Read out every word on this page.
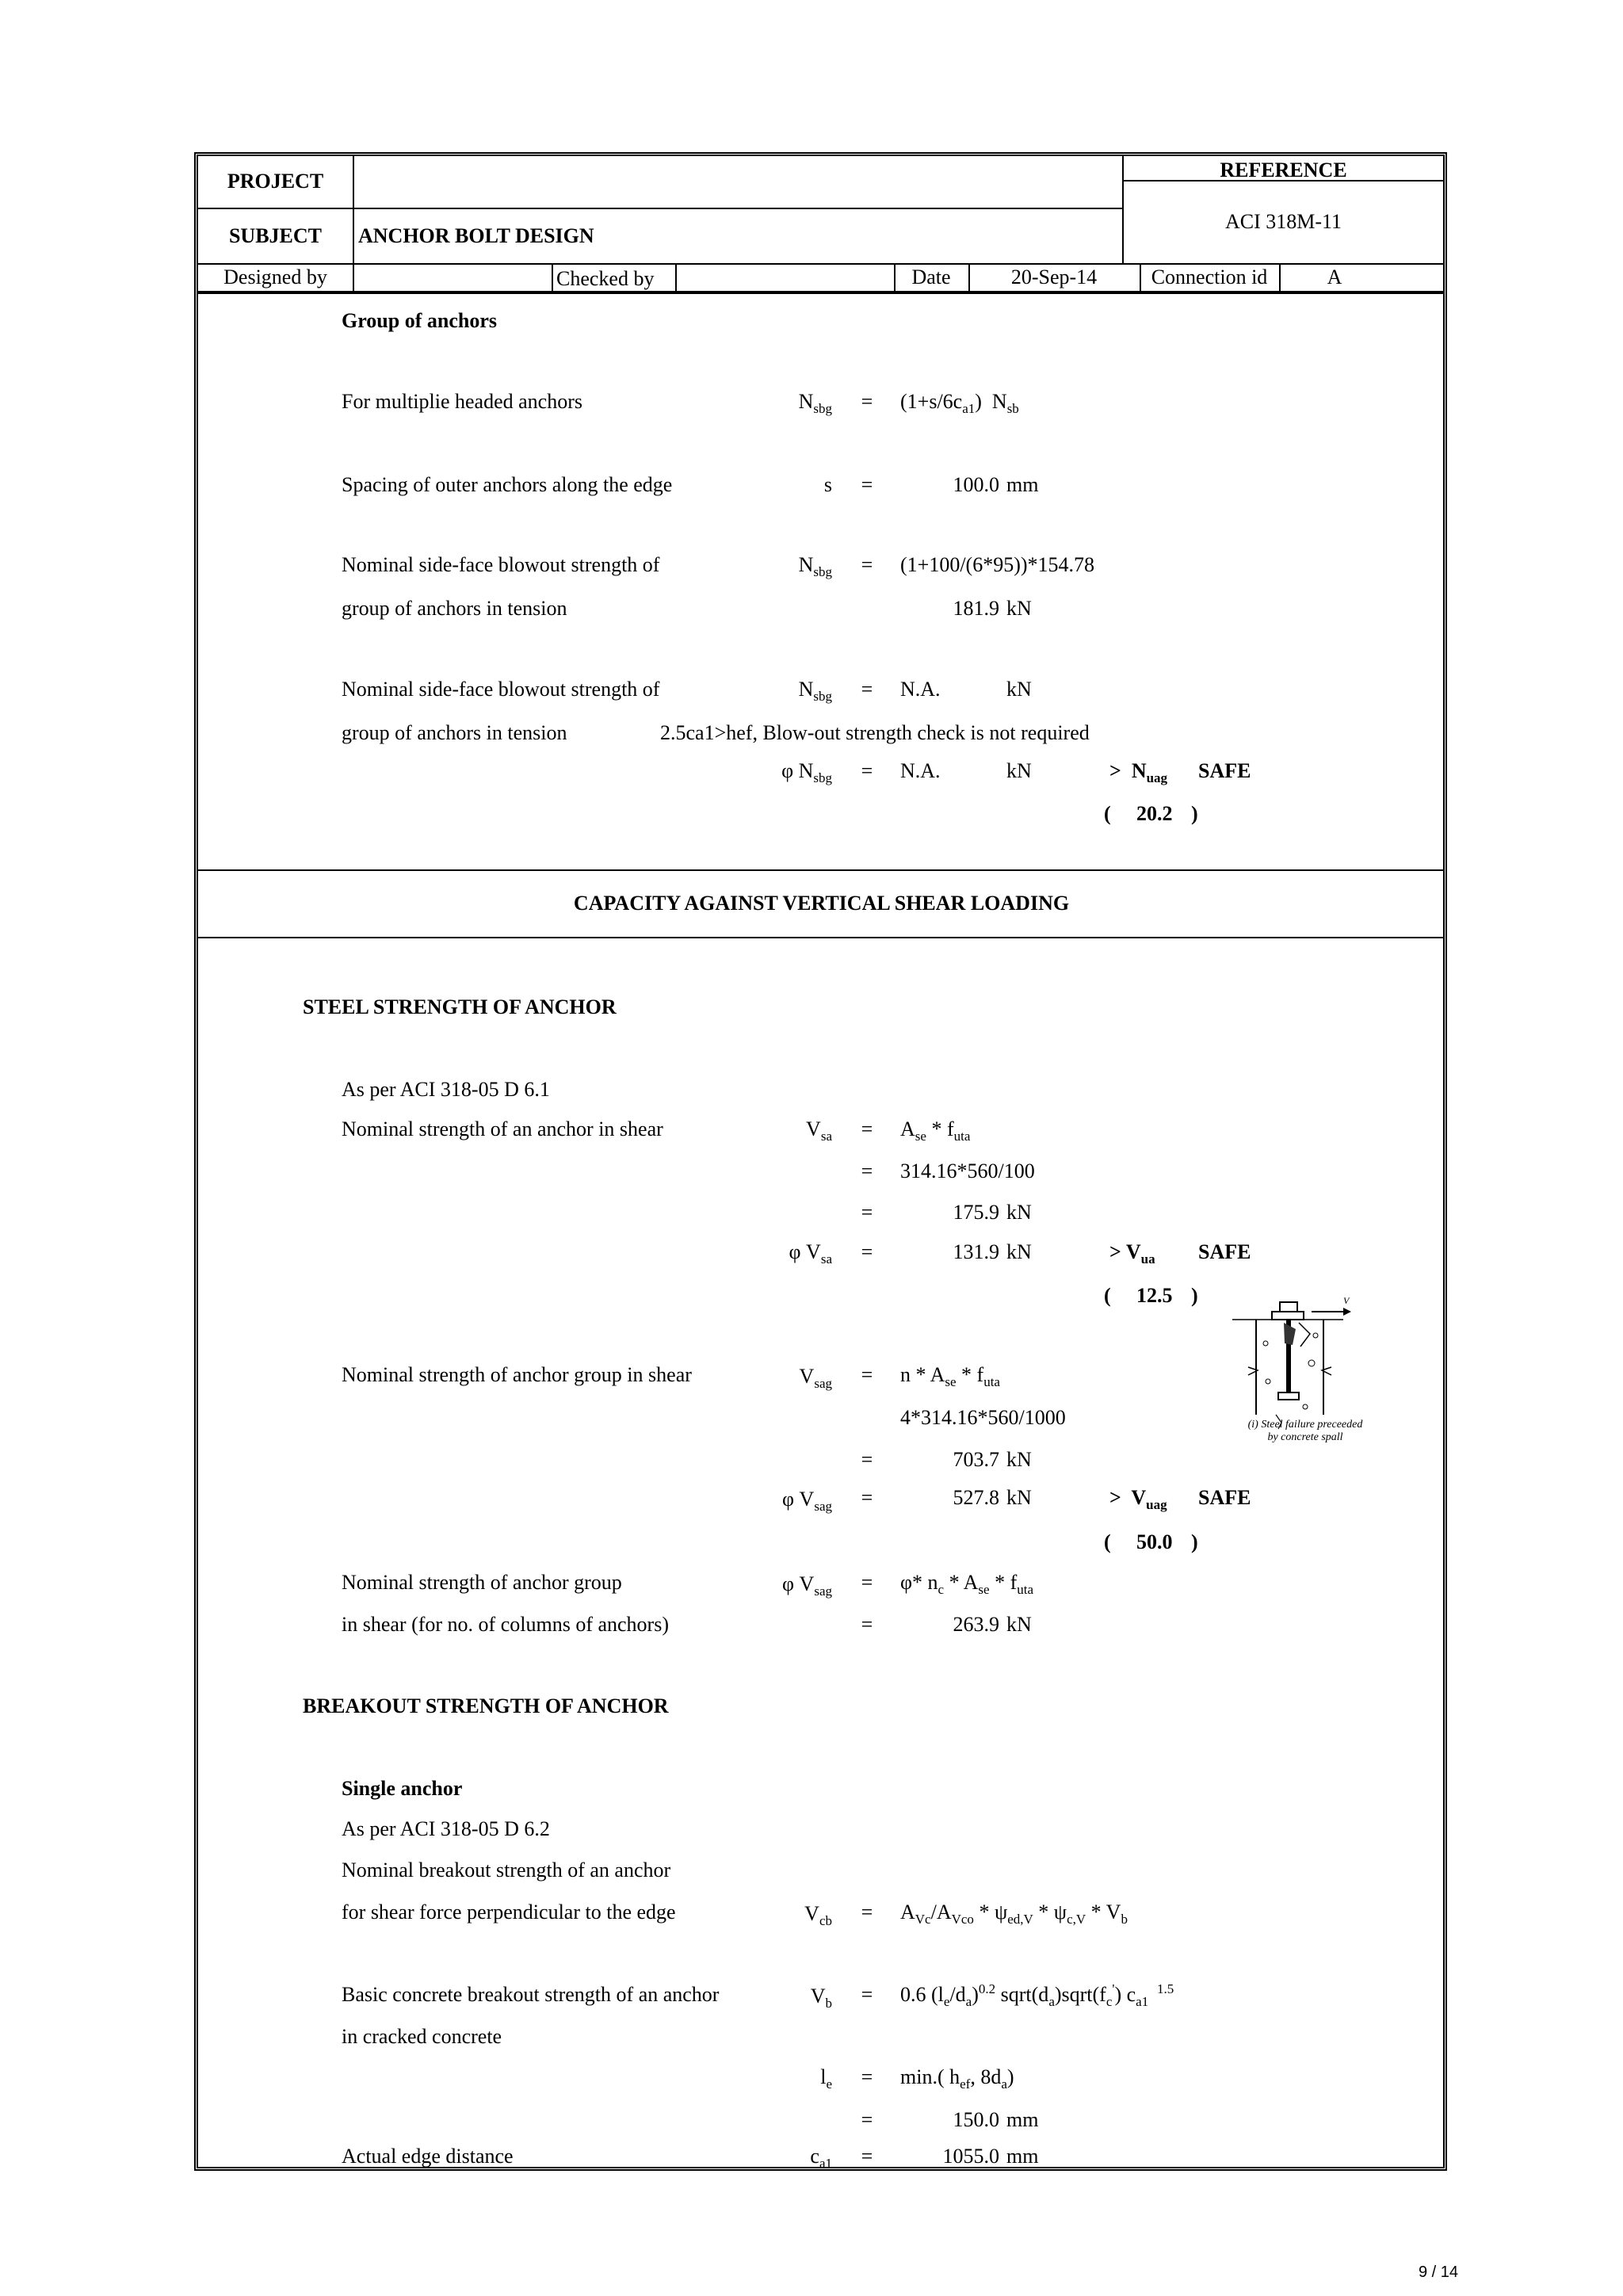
PROJECT
SUBJECT	ANCHOR BOLT DESIGN
REFERENCE
ACI 318M-11
Designed by	Checked by	Date	20-Sep-14	Connection id	A
Group of anchors
For multiplie headed anchors	$N_{sbg} = (1+s/6c_{a1})$  $N_{sb}$
Spacing of outer anchors along the edge	s =	100.0 mm
Nominal side-face blowout strength of	$N_{sbg} = (1+100/(6*95))*154.78$
group of anchors in tension	181.9 kN
Nominal side-face blowout strength of	$N_{sbg} = N.A$.	kN
group of anchors in tension	2.5ca1>hef, Blow-out strength check is not required
φ $N_{sbg} = N.A$.	kN	>  $N_{uag}$ SAFE
( 20.2 )
CAPACITY AGAINST VERTICAL SHEAR LOADING
STEEL STRENGTH OF ANCHOR
As per ACI 318-05 D 6.1
Nominal strength of an anchor in shear	$V_{sa} = A_{se} * f_{uta}$
= 314.16*560/100
=	175.9 kN
φ $V_{sa}$ =	131.9 kN	> $V_{ua}$ SAFE
( 12.5 )	V
(i) Steel failure preceeded
by concrete spall
Nominal strength of anchor group in shear	$V_{sag} = n * A_{se} * f_{uta}$
4*314.16*560/1000
=	703.7 kN
φ $V_{sag}$ =	527.8 kN	>  $V_{uag}$ SAFE
( 50.0 )
Nominal strength of anchor group	φ $V_{sag} = \varphi*$ $n_c * A_{se} * f_{uta}$
in shear (for no. of columns of anchors)	=	263.9 kN
BREAKOUT STRENGTH OF ANCHOR
Single anchor
As per ACI 318-05 D 6.2
Nominal breakout strength of an anchor
for shear force perpendicular to the edge	$V_{cb} = A_{Vc}/A_{Vco} * \psi_{ed,V} * \psi_{c,V} * V_b$
Basic concrete breakout strength of an anchor	$V_b = 0.6$ $(l_e/d_a)^{0.2}$ $sqrt(d_a)sqrt(f_c')$ $c_{a1}$  $^{1.5}$
in cracked concrete
$l_e = \min$.( $h_{ef}$, $8d_a$)
=	150.0 mm
Actual edge distance	$c_{a1}$ =	1055.0 mm
9 / 14
